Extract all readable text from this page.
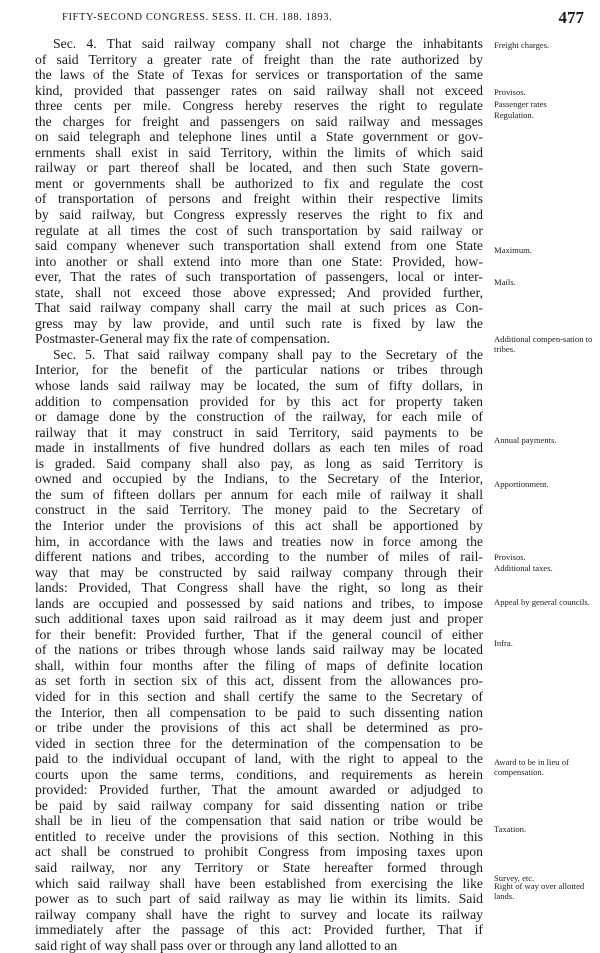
FIFTY-SECOND CONGRESS. SESS. II. CH. 188. 1893.	477
Sec. 4. That said railway company shall not charge the inhabitants
of said Territory a greater rate of freight than the rate authorized by
the laws of the State of Texas for services or transportation of the same
kind, provided that passenger rates on said railway shall not exceed
three cents per mile. Congress hereby reserves the right to regulate
the charges for freight and passengers on said railway and messages
on said telegraph and telephone lines until a State government or gov-
ernments shall exist in said Territory, within the limits of which said
railway or part thereof shall be located, and then such State govern-
ment or governments shall be authorized to fix and regulate the cost
of transportation of persons and freight within their respective limits
by said railway, but Congress expressly reserves the right to fix and
regulate at all times the cost of such transportation by said railway or
said company whenever such transportation shall extend from one State
into another or shall extend into more than one State: Provided, how-
ever, That the rates of such transportation of passengers, local or inter-
state, shall not exceed those above expressed; And provided further,
That said railway company shall carry the mail at such prices as Con-
gress may by law provide, and until such rate is fixed by law the
Postmaster-General may fix the rate of compensation.
Sec. 5. That said railway company shall pay to the Secretary of the
Interior, for the benefit of the particular nations or tribes through
whose lands said railway may be located, the sum of fifty dollars, in
addition to compensation provided for by this act for property taken
or damage done by the construction of the railway, for each mile of
railway that it may construct in said Territory, said payments to be
made in installments of five hundred dollars as each ten miles of road
is graded. Said company shall also pay, as long as said Territory is
owned and occupied by the Indians, to the Secretary of the Interior,
the sum of fifteen dollars per annum for each mile of railway it shall
construct in the said Territory. The money paid to the Secretary of
the Interior under the provisions of this act shall be apportioned by
him, in accordance with the laws and treaties now in force among the
different nations and tribes, according to the number of miles of rail-
way that may be constructed by said railway company through their
lands: Provided, That Congress shall have the right, so long as their
lands are occupied and possessed by said nations and tribes, to impose
such additional taxes upon said railroad as it may deem just and proper
for their benefit: Provided further, That if the general council of either
of the nations or tribes through whose lands said railway may be located
shall, within four months after the filing of maps of definite location
as set forth in section six of this act, dissent from the allowances pro-
vided for in this section and shall certify the same to the Secretary of
the Interior, then all compensation to be paid to such dissenting nation
or tribe under the provisions of this act shall be determined as pro-
vided in section three for the determination of the compensation to be
paid to the individual occupant of land, with the right to appeal to the
courts upon the same terms, conditions, and requirements as herein
provided: Provided further, That the amount awarded or adjudged to
be paid by said railway company for said dissenting nation or tribe
shall be in lieu of the compensation that said nation or tribe would be
entitled to receive under the provisions of this section. Nothing in this
act shall be construed to prohibit Congress from imposing taxes upon
said railway, nor any Territory or State hereafter formed through
which said railway shall have been established from exercising the like
power as to such part of said railway as may lie within its limits. Said
railway company shall have the right to survey and locate its railway
immediately after the passage of this act: Provided further, That if
said right of way shall pass over or through any land allotted to an
Freight charges.
Provisos.
Passenger rates
Regulation.
Maximum.
Mails.
Additional compen-sation to tribes.
Annual payments.
Apportionment.
Provisos.
Additional taxes.
Appeal by general councils.
Infra.
Award to be in lieu of compensation.
Taxation.
Survey, etc.
Right of way over allotted lands.
